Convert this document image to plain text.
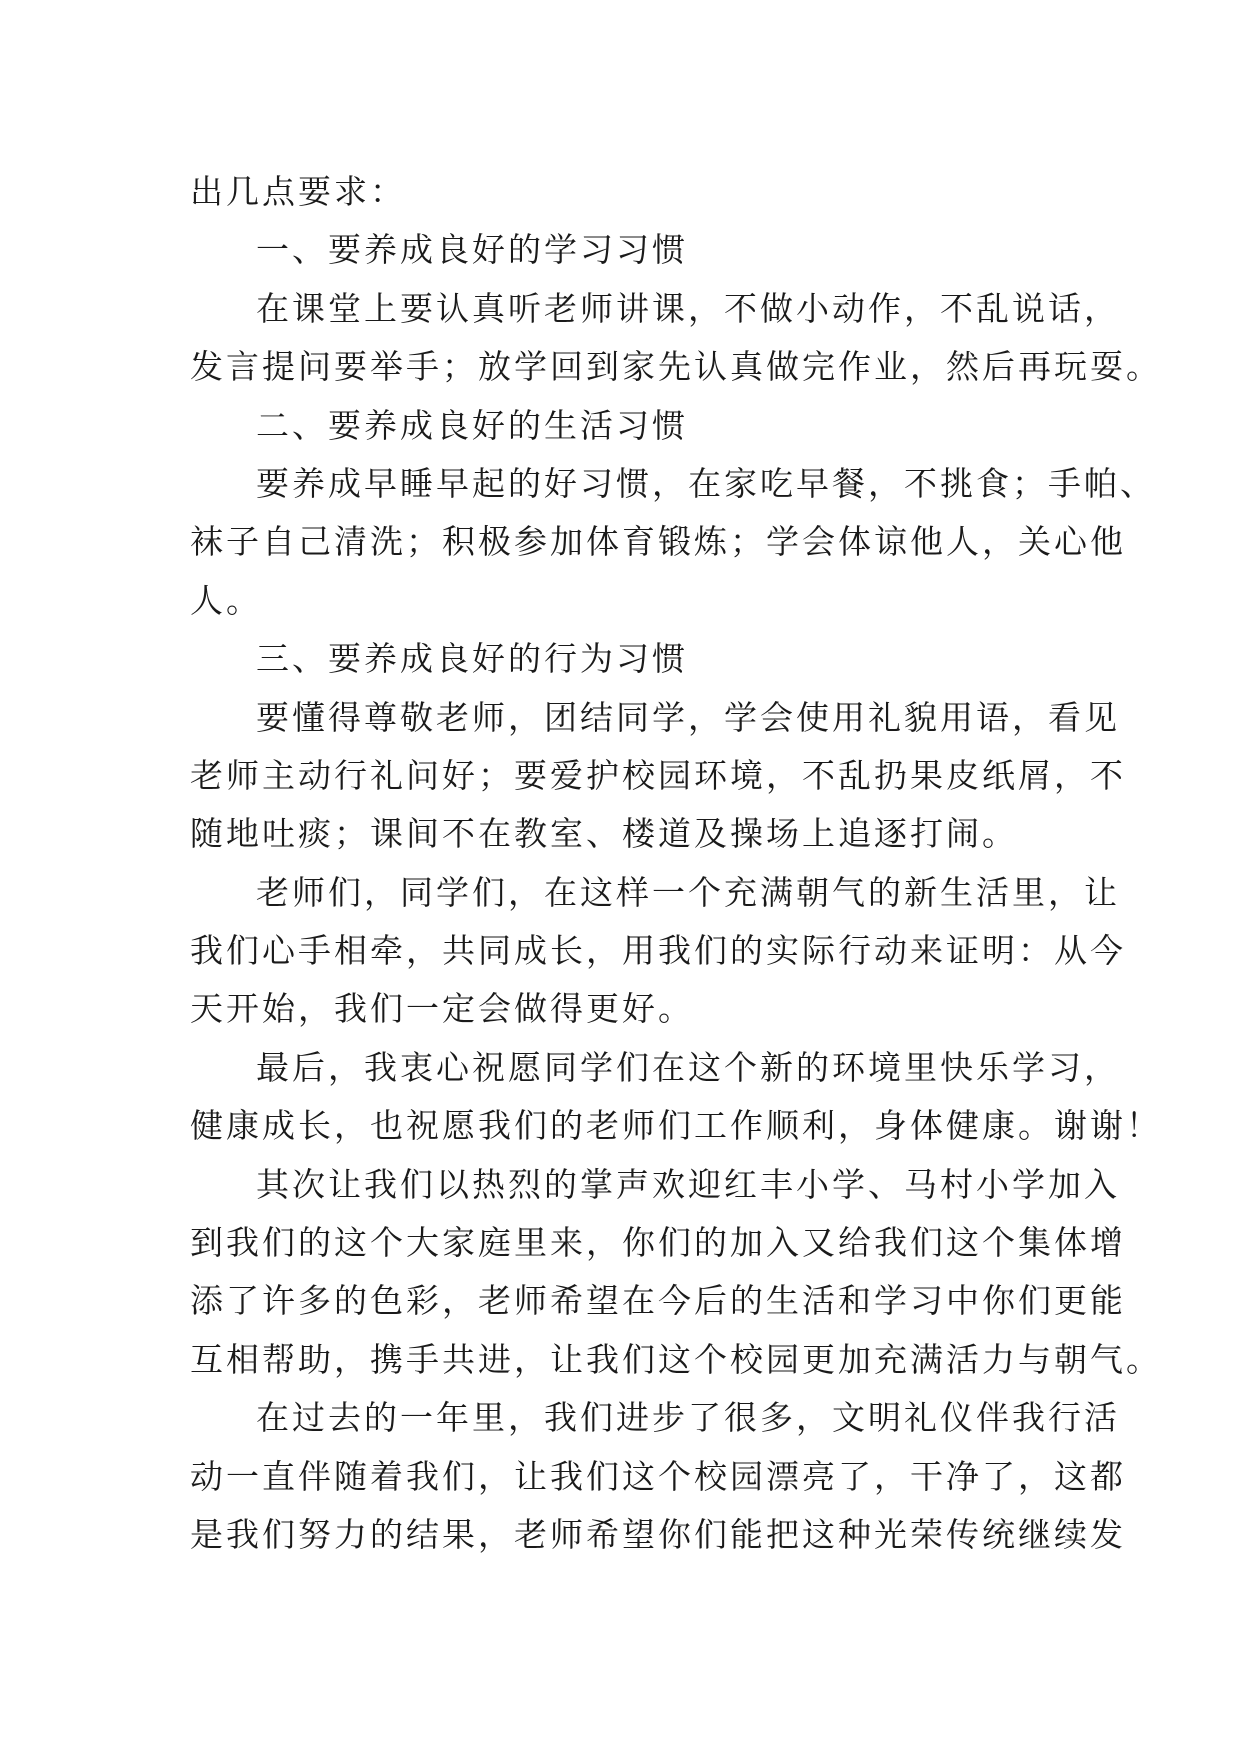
出几点要求：
一、要养成良好的学习习惯
在课堂上要认真听老师讲课，不做小动作，不乱说话，
发言提问要举手；放学回到家先认真做完作业，然后再玩耍。
二、要养成良好的生活习惯
要养成早睡早起的好习惯，在家吃早餐，不挑食；手帕、
袜子自己清洗；积极参加体育锻炼；学会体谅他人，关心他
人。
三、要养成良好的行为习惯
要懂得尊敬老师，团结同学，学会使用礼貌用语，看见
老师主动行礼问好；要爱护校园环境，不乱扔果皮纸屑，不
随地吐痰；课间不在教室、楼道及操场上追逐打闹。
老师们，同学们，在这样一个充满朝气的新生活里，让
我们心手相牵，共同成长，用我们的实际行动来证明：从今
天开始，我们一定会做得更好。
最后，我衷心祝愿同学们在这个新的环境里快乐学习，
健康成长，也祝愿我们的老师们工作顺利，身体健康。谢谢！
其次让我们以热烈的掌声欢迎红丰小学、马村小学加入
到我们的这个大家庭里来，你们的加入又给我们这个集体增
添了许多的色彩，老师希望在今后的生活和学习中你们更能
互相帮助，携手共进，让我们这个校园更加充满活力与朝气。
在过去的一年里，我们进步了很多，文明礼仪伴我行活
动一直伴随着我们，让我们这个校园漂亮了，干净了，这都
是我们努力的结果，老师希望你们能把这种光荣传统继续发
